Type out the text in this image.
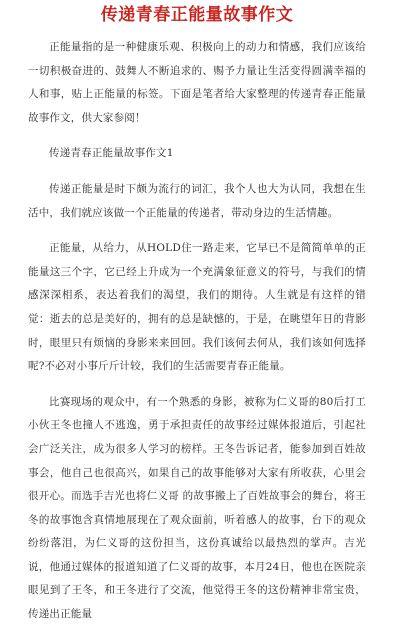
传递青春正能量故事作文

正能量指的是一种健康乐观、积极向上的动力和情感，我们应该给一切积极奋进的、鼓舞人不断追求的、赐予力量让生活变得圆满幸福的人和事，贴上正能量的标签。下面是笔者给大家整理的传递青春正能量故事作文，供大家参阅！

传递青春正能量故事作文1

传递正能量是时下颇为流行的词汇，我个人也大为认同，我想在生活中，我们就应该做一个正能量的传递者，带动身边的生活情趣。

正能量，从给力，从HOLD住一路走来，它早已不是简简单单的正能量这三个字，它已经上升成为一个充满象征意义的符号，与我们的情感深深相系，表达着我们的渴望，我们的期待。人生就是有这样的错觉：逝去的总是美好的，拥有的总是缺憾的，于是，在眺望年日的背影时，眼里只有烦恼的身影来来回回。我们该何去何从，我们该如何选择呢?不必对小事斤斤计较，我们的生活需要青春正能量。

比赛现场的观众中，有一个熟悉的身影，被称为仁义哥的80后打工小伙王冬也撞人不逃逸，勇于承担责任的故事经过媒体报道后，引起社会广泛关注，成为很多人学习的榜样。王冬告诉记者，能参加到百姓故事会，他自己也很高兴，如果自己的故事能够对大家有所收获，心里会很开心。而选手吉光也将仁义哥 的故事搬上了百姓故事会的舞台，将王冬的故事饱含真情地展现在了观众面前，听着感人的故事，台下的观众纷纷落泪，为仁义哥的这份担当，这份真诚给以最热烈的掌声。吉光说，他通过媒体的报道知道了仁义哥的故事，本月24日，他也在医院亲眼见到了王冬，和王冬进行了交流，他觉得王冬的这份精神非常宝贵，传递出正能量
